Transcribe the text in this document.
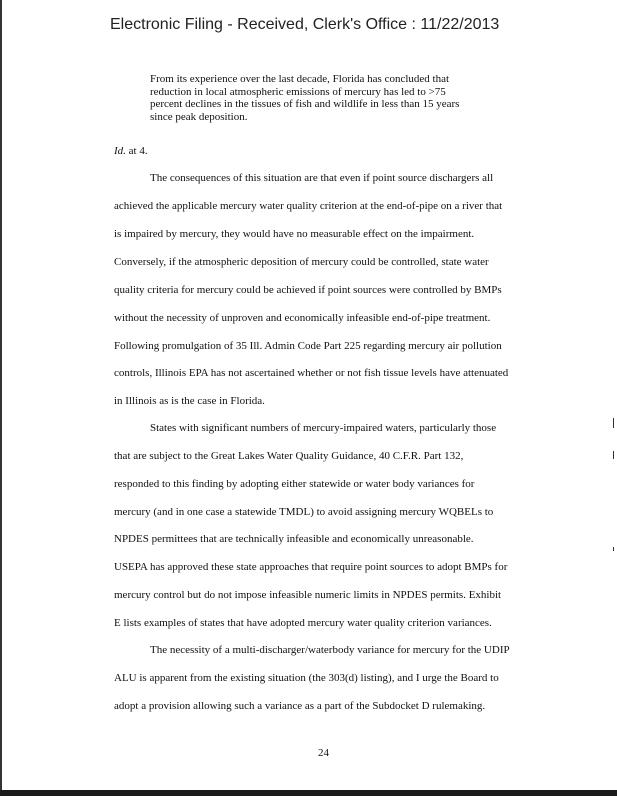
Electronic Filing - Received, Clerk's Office : 11/22/2013
From its experience over the last decade, Florida has concluded that
reduction in local atmospheric emissions of mercury has led to >75
percent declines in the tissues of fish and wildlife in less than 15 years
since peak deposition.
Id. at 4.
The consequences of this situation are that even if point source dischargers all
achieved the applicable mercury water quality criterion at the end-of-pipe on a river that
is impaired by mercury, they would have no measurable effect on the impairment.
Conversely, if the atmospheric deposition of mercury could be controlled, state water
quality criteria for mercury could be achieved if point sources were controlled by BMPs
without the necessity of unproven and economically infeasible end-of-pipe treatment.
Following promulgation of 35 Ill. Admin Code Part 225 regarding mercury air pollution
controls, Illinois EPA has not ascertained whether or not fish tissue levels have attenuated
in Illinois as is the case in Florida.
States with significant numbers of mercury-impaired waters, particularly those
that are subject to the Great Lakes Water Quality Guidance, 40 C.F.R. Part 132,
responded to this finding by adopting either statewide or water body variances for
mercury (and in one case a statewide TMDL) to avoid assigning mercury WQBELs to
NPDES permittees that are technically infeasible and economically unreasonable.
USEPA has approved these state approaches that require point sources to adopt BMPs for
mercury control but do not impose infeasible numeric limits in NPDES permits. Exhibit
E lists examples of states that have adopted mercury water quality criterion variances.
The necessity of a multi-discharger/waterbody variance for mercury for the UDIP
ALU is apparent from the existing situation (the 303(d) listing), and I urge the Board to
adopt a provision allowing such a variance as a part of the Subdocket D rulemaking.
24
